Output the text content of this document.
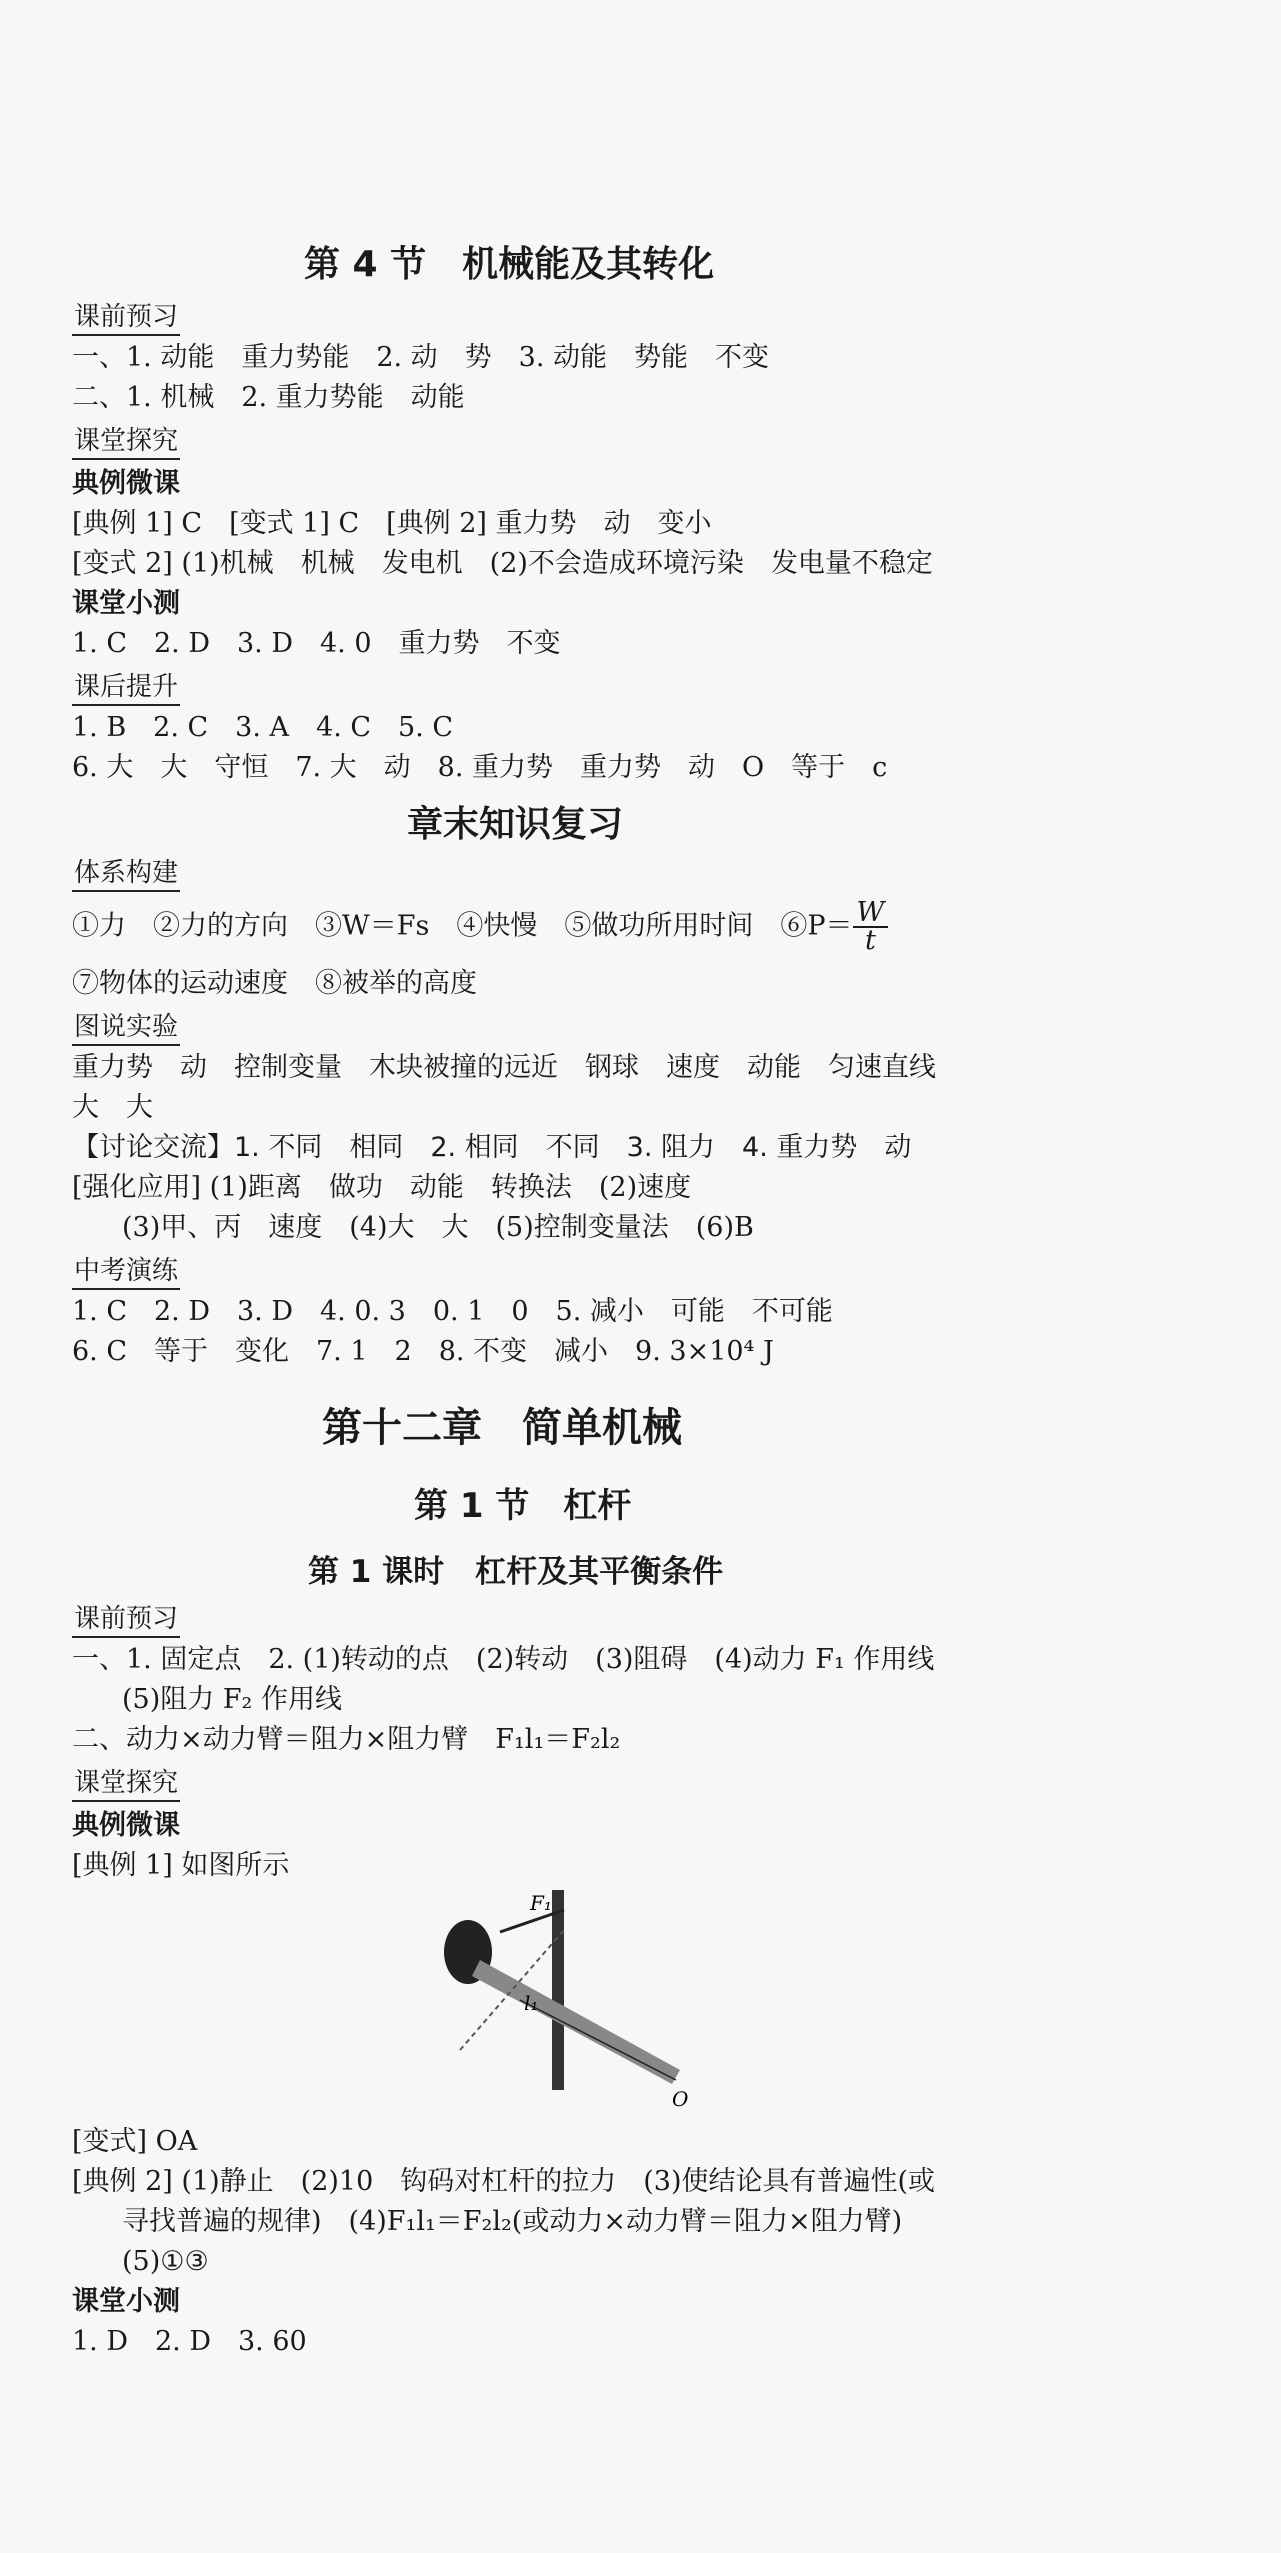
第 4 节　机械能及其转化
课前预习
一、1. 动能　重力势能　2. 动　势　3. 动能　势能　不变
二、1. 机械　2. 重力势能　动能
课堂探究
典例微课
[典例 1] C　[变式 1] C　[典例 2] 重力势　动　变小
[变式 2] (1)机械　机械　发电机　(2)不会造成环境污染　发电量不稳定
课堂小测
1. C　2. D　3. D　4. 0　重力势　不变
课后提升
1. B　2. C　3. A　4. C　5. C
6. 大　大　守恒　7. 大　动　8. 重力势　重力势　动　O　等于　c
章末知识复习
体系构建
①力　②力的方向　③W＝Fs　④快慢　⑤做功所用时间　⑥P＝ $\frac{W}{t}$
⑦物体的运动速度　⑧被举的高度
图说实验
重力势　动　控制变量　木块被撞的远近　钢球　速度　动能　匀速直线
大　大
【讨论交流】1. 不同　相同　2. 相同　不同　3. 阻力　4. 重力势　动
[强化应用] (1)距离　做功　动能　转换法　(2)速度
(3)甲、丙　速度　(4)大　大　(5)控制变量法　(6)B
中考演练
1. C　2. D　3. D　4. 0. 3　0. 1　0　5. 减小　可能　不可能
6. C　等于　变化　7. 1　2　8. 不变　减小　9. 3×10⁴ J
第十二章　简单机械
第 1 节　杠杆
第 1 课时　杠杆及其平衡条件
课前预习
一、1. 固定点　2. (1)转动的点　(2)转动　(3)阻碍　(4)动力 F₁ 作用线
(5)阻力 F₂ 作用线
二、动力×动力臂＝阻力×阻力臂　F₁l₁＝F₂l₂
课堂探究
典例微课
[典例 1] 如图所示
F₁
l₁
O
[变式] OA
[典例 2] (1)静止　(2)10　钩码对杠杆的拉力　(3)使结论具有普遍性(或
寻找普遍的规律)　(4)F₁l₁＝F₂l₂(或动力×动力臂＝阻力×阻力臂)
(5)①③
课堂小测
1. D　2. D　3. 60
